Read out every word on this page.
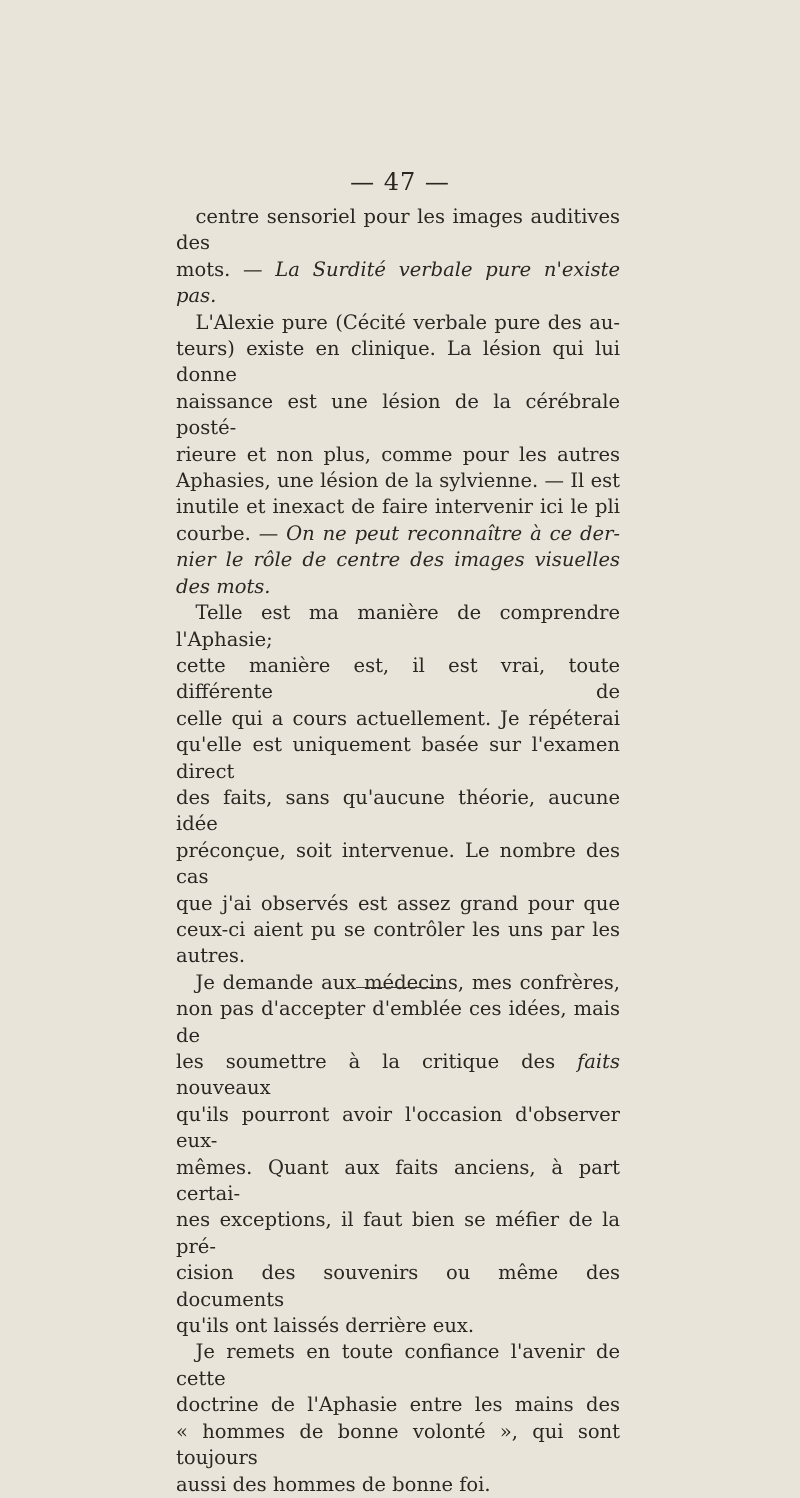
— 47 —

centre sensoriel pour les images auditives des

mots. — La Surdité verbale pure n'existe pas.

L'Alexie pure (Cécité verbale pure des au-

teurs) existe en clinique. La lésion qui lui donne

naissance est une lésion de la cérébrale posté-

rieure et non plus, comme pour les autres

Aphasies, une lésion de la sylvienne. — Il est

inutile et inexact de faire intervenir ici le pli

courbe. — On ne peut reconnaître à ce der-

nier le rôle de centre des images visuelles

des mots.

Telle est ma manière de comprendre l'Aphasie;

cette manière est, il est vrai, toute différente de

celle qui a cours actuellement. Je répéterai

qu'elle est uniquement basée sur l'examen direct

des faits, sans qu'aucune théorie, aucune idée

préconçue, soit intervenue. Le nombre des cas

que j'ai observés est assez grand pour que

ceux-ci aient pu se contrôler les uns par les

autres.

Je demande aux médecins, mes confrères,

non pas d'accepter d'emblée ces idées, mais de

les soumettre à la critique des faits nouveaux

qu'ils pourront avoir l'occasion d'observer eux-

mêmes. Quant aux faits anciens, à part certai-

nes exceptions, il faut bien se méfier de la pré-

cision des souvenirs ou même des documents

qu'ils ont laissés derrière eux.

Je remets en toute confiance l'avenir de cette

doctrine de l'Aphasie entre les mains des

« hommes de bonne volonté », qui sont toujours

aussi des hommes de bonne foi.
